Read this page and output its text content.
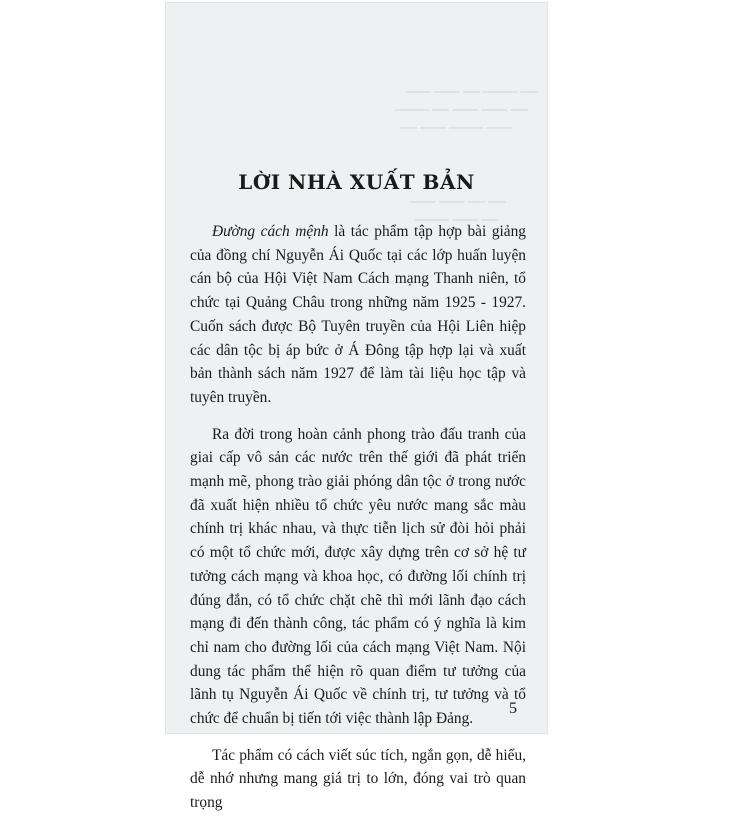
▁▁▁ ▁▁▁ ▁▁ ▁▁▁▁ ▁▁
▁▁▁▁ ▁▁ ▁▁▁ ▁▁▁ ▁▁
▁▁ ▁▁▁ ▁▁▁▁ ▁▁▁
▁▁▁ ▁▁▁ ▁▁ ▁▁
▁▁▁▁ ▁▁▁ ▁▁
LỜI NHÀ XUẤT BẢN

Đường cách mệnh là tác phẩm tập hợp bài giảng của đồng chí Nguyễn Ái Quốc tại các lớp huấn luyện cán bộ của Hội Việt Nam Cách mạng Thanh niên, tổ chức tại Quảng Châu trong những năm 1925 - 1927. Cuốn sách được Bộ Tuyên truyền của Hội Liên hiệp các dân tộc bị áp bức ở Á Đông tập hợp lại và xuất bản thành sách năm 1927 để làm tài liệu học tập và tuyên truyền.

Ra đời trong hoàn cảnh phong trào đấu tranh của giai cấp vô sản các nước trên thế giới đã phát triển mạnh mẽ, phong trào giải phóng dân tộc ở trong nước đã xuất hiện nhiều tổ chức yêu nước mang sắc màu chính trị khác nhau, và thực tiễn lịch sử đòi hỏi phải có một tổ chức mới, được xây dựng trên cơ sở hệ tư tưởng cách mạng và khoa học, có đường lối chính trị đúng đắn, có tổ chức chặt chẽ thì mới lãnh đạo cách mạng đi đến thành công, tác phẩm có ý nghĩa là kim chỉ nam cho đường lối của cách mạng Việt Nam. Nội dung tác phẩm thể hiện rõ quan điểm tư tưởng của lãnh tụ Nguyễn Ái Quốc về chính trị, tư tưởng và tổ chức để chuẩn bị tiến tới việc thành lập Đảng.

Tác phẩm có cách viết súc tích, ngắn gọn, dễ hiểu, dễ nhớ nhưng mang giá trị to lớn, đóng vai trò quan trọng

5
